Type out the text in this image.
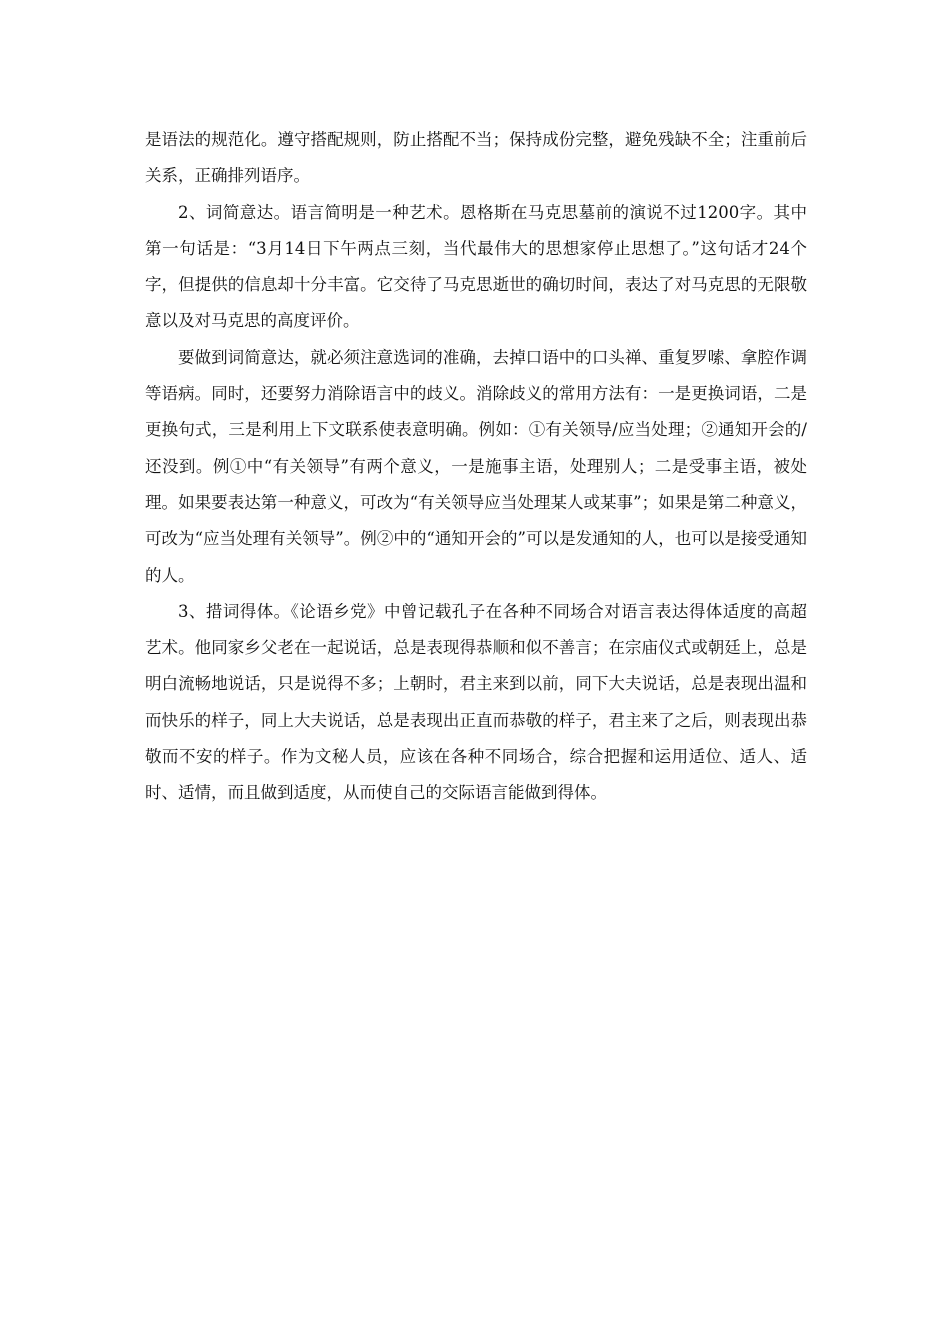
是语法的规范化。遵守搭配规则，防止搭配不当；保持成份完整，避免残缺不全；注重前后关系，正确排列语序。

2、词简意达。语言简明是一种艺术。恩格斯在马克思墓前的演说不过1200字。其中第一句话是：“3月14日下午两点三刻，当代最伟大的思想家停止思想了。”这句话才24个字，但提供的信息却十分丰富。它交待了马克思逝世的确切时间，表达了对马克思的无限敬意以及对马克思的高度评价。

要做到词简意达，就必须注意选词的准确，去掉口语中的口头禅、重复罗嗦、拿腔作调等语病。同时，还要努力消除语言中的歧义。消除歧义的常用方法有：一是更换词语，二是更换句式，三是利用上下文联系使表意明确。例如：①有关领导/应当处理；②通知开会的/还没到。例①中“有关领导”有两个意义，一是施事主语，处理别人；二是受事主语，被处理。如果要表达第一种意义，可改为“有关领导应当处理某人或某事”；如果是第二种意义，可改为“应当处理有关领导”。例②中的“通知开会的”可以是发通知的人，也可以是接受通知的人。

3、措词得体。《论语乡党》中曾记载孔子在各种不同场合对语言表达得体适度的高超艺术。他同家乡父老在一起说话，总是表现得恭顺和似不善言；在宗庙仪式或朝廷上，总是明白流畅地说话，只是说得不多；上朝时，君主来到以前，同下大夫说话，总是表现出温和而快乐的样子，同上大夫说话，总是表现出正直而恭敬的样子，君主来了之后，则表现出恭敬而不安的样子。作为文秘人员，应该在各种不同场合，综合把握和运用适位、适人、适时、适情，而且做到适度，从而使自己的交际语言能做到得体。
